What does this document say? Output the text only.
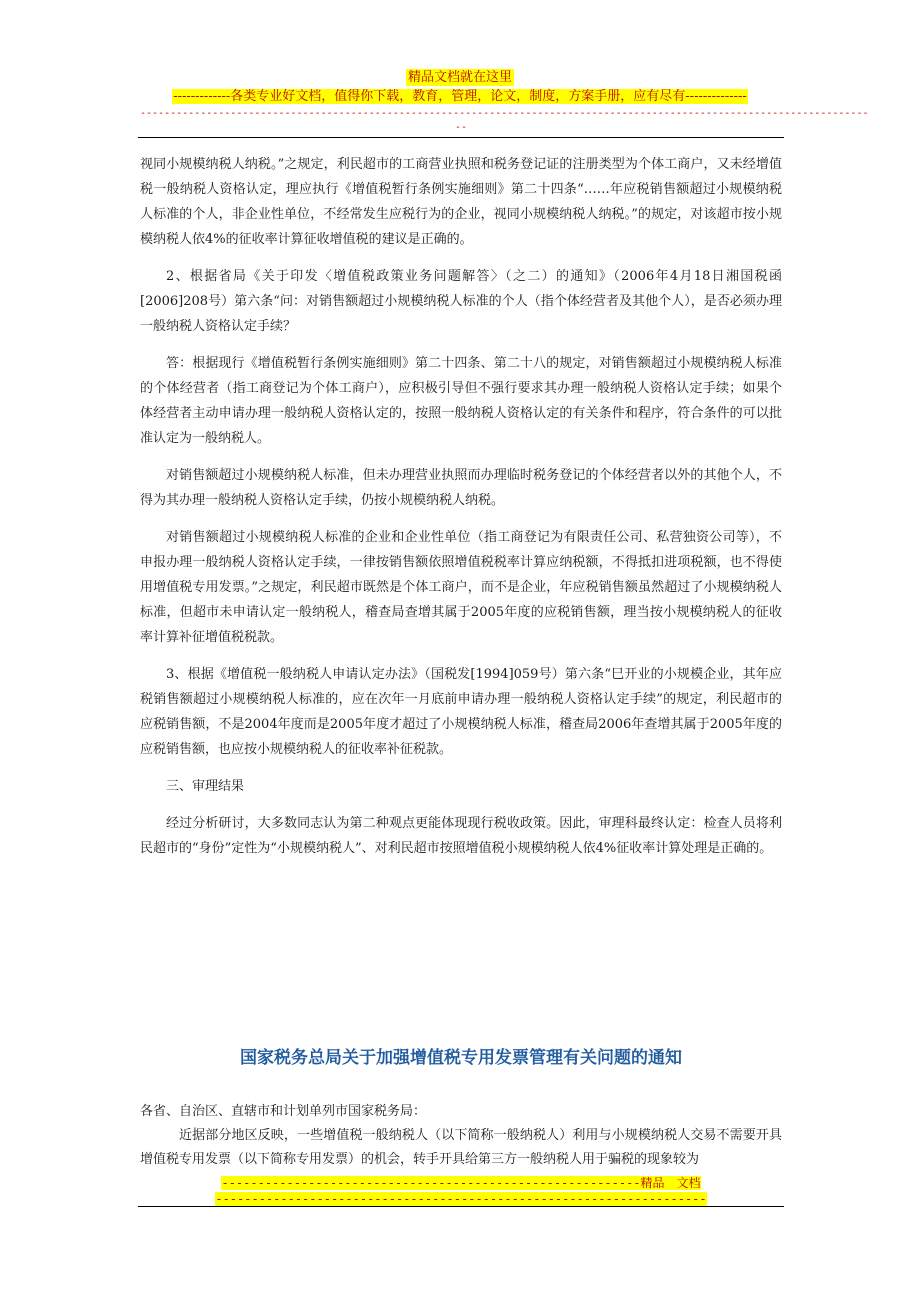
精品文档就在这里
-------------各类专业好文档，值得你下载，教育，管理，论文，制度，方案手册，应有尽有--------------
-------------------------------------------------------------------------------------------------------------------------
--

视同小规模纳税人纳税。”之规定，利民超市的工商营业执照和税务登记证的注册类型为个体工商户，又未经增值税一般纳税人资格认定，理应执行《增值税暂行条例实施细则》第二十四条“……年应税销售额超过小规模纳税人标准的个人，非企业性单位，不经常发生应税行为的企业，视同小规模纳税人纳税。”的规定，对该超市按小规模纳税人依4%的征收率计算征收增值税的建议是正确的。

2、根据省局《关于印发〈增值税政策业务问题解答〉（之二）的通知》（2006年4月18日湘国税函[2006]208号）第六条“问：对销售额超过小规模纳税人标准的个人（指个体经营者及其他个人），是否必须办理一般纳税人资格认定手续？

答：根据现行《增值税暂行条例实施细则》第二十四条、第二十八的规定，对销售额超过小规模纳税人标准的个体经营者（指工商登记为个体工商户），应积极引导但不强行要求其办理一般纳税人资格认定手续；如果个体经营者主动申请办理一般纳税人资格认定的，按照一般纳税人资格认定的有关条件和程序，符合条件的可以批准认定为一般纳税人。

对销售额超过小规模纳税人标准，但未办理营业执照而办理临时税务登记的个体经营者以外的其他个人，不得为其办理一般纳税人资格认定手续，仍按小规模纳税人纳税。

对销售额超过小规模纳税人标准的企业和企业性单位（指工商登记为有限责任公司、私营独资公司等），不申报办理一般纳税人资格认定手续，一律按销售额依照增值税税率计算应纳税额，不得抵扣进项税额，也不得使用增值税专用发票。”之规定，利民超市既然是个体工商户，而不是企业，年应税销售额虽然超过了小规模纳税人标准，但超市未申请认定一般纳税人，稽查局查增其属于2005年度的应税销售额，理当按小规模纳税人的征收率计算补征增值税税款。

3、根据《增值税一般纳税人申请认定办法》（国税发[1994]059号）第六条“巳开业的小规模企业，其年应税销售额超过小规模纳税人标准的，应在次年一月底前申请办理一般纳税人资格认定手续”的规定，利民超市的应税销售额，不是2004年度而是2005年度才超过了小规模纳税人标准，稽查局2006年查增其属于2005年度的应税销售额，也应按小规模纳税人的征收率补征税款。

三、审理结果

经过分析研讨，大多数同志认为第二种观点更能体现现行税收政策。因此，审理科最终认定：检查人员将利民超市的“身份”定性为“小规模纳税人”、对利民超市按照增值税小规模纳税人依4%征收率计算处理是正确的。

国家税务总局关于加强增值税专用发票管理有关问题的通知

各省、自治区、直辖市和计划单列市国家税务局：

近据部分地区反映，一些增值税一般纳税人（以下简称一般纳税人）利用与小规模纳税人交易不需要开具增值税专用发票（以下简称专用发票）的机会，转手开具给第三方一般纳税人用于骗税的现象较为

----------------------------------------------------------精品　文档
--------------------------------------------------------------------
